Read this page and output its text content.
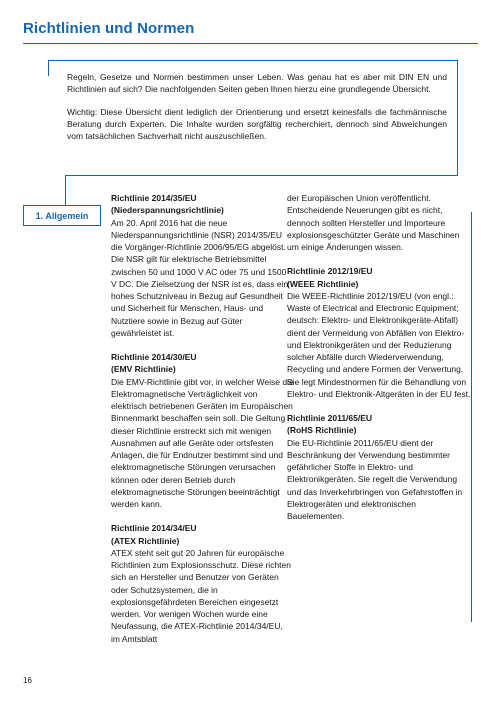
Richtlinien und Normen

Regeln, Gesetze und Normen bestimmen unser Leben. Was genau hat es aber mit DIN EN und Richtlinien auf sich? Die nachfolgenden Seiten geben Ihnen hierzu eine grundlegende Übersicht.

Wichtig: Diese Übersicht dient lediglich der Orientierung und ersetzt keinesfalls die fachmännische Beratung durch Experten. Die Inhalte wurden sorgfältig recherchiert, dennoch sind Abweichungen vom tatsächlichen Sachverhalt nicht auszuschließen.

1. Allgemein
Richtlinie 2014/35/EU
(Niederspannungsrichtlinie)

Am 20. April 2016 hat die neue Niederspannungsrichtlinie (NSR) 2014/35/EU die Vorgänger-Richtlinie 2006/95/EG abgelöst. Die NSR gilt für elektrische Betriebsmittel zwischen 50 und 1000 V AC oder 75 und 1500 V DC. Die Zielsetzung der NSR ist es, dass ein hohes Schutzniveau in Bezug auf Gesundheit und Sicherheit für Menschen, Haus- und Nutztiere sowie in Bezug auf Güter gewährleistet ist.

Richtlinie 2014/30/EU
(EMV Richtlinie)

Die EMV-Richtlinie gibt vor, in welcher Weise die Elektromagnetische Verträglichkeit von elektrisch betriebenen Geräten im Europäischen Binnenmarkt beschaffen sein soll. Die Geltung dieser Richtlinie erstreckt sich mit wenigen Ausnahmen auf alle Geräte oder ortsfesten Anlagen, die für Endnutzer bestimmt sind und elektromagnetische Störungen verursachen können oder deren Betrieb durch elektromagnetische Störungen beeinträchtigt werden kann.

Richtlinie 2014/34/EU
(ATEX Richtlinie)

ATEX steht seit gut 20 Jahren für europäische Richtlinien zum Explosionsschutz. Diese richten sich an Hersteller und Benutzer von Geräten oder Schutzsystemen, die in explosionsgefährdeten Bereichen eingesetzt werden. Vor wenigen Wochen wurde eine Neufassung, die ATEX-Richtlinie 2014/34/EU, im Amtsblatt

der Europäischen Union veröffentlicht. Entscheidende Neuerungen gibt es nicht, dennoch sollten Hersteller und Importeure explosionsgeschützter Geräte und Maschinen um einige Änderungen wissen.

Richtlinie 2012/19/EU
(WEEE Richtlinie)

Die WEEE-Richtlinie 2012/19/EU (von engl.: Waste of Electrical and Electronic Equipment; deutsch: Elektro- und Elektronikgeräte-Abfall) dient der Vermeidung von Abfällen von Elektro- und Elektronikgeräten und der Reduzierung solcher Abfälle durch Wiederverwendung, Recycling und andere Formen der Verwertung. Sie legt Mindestnormen für die Behandlung von Elektro- und Elektronik-Altgeräten in der EU fest.

Richtlinie 2011/65/EU
(RoHS Richtlinie)

Die EU-Richtlinie 2011/65/EU dient der Beschränkung der Verwendung bestimmter gefährlicher Stoffe in Elektro- und Elektronikgeräten. Sie regelt die Verwendung und das Inverkehrbringen von Gefahrstoffen in Elektrogeräten und elektronischen Bauelementen.

16
